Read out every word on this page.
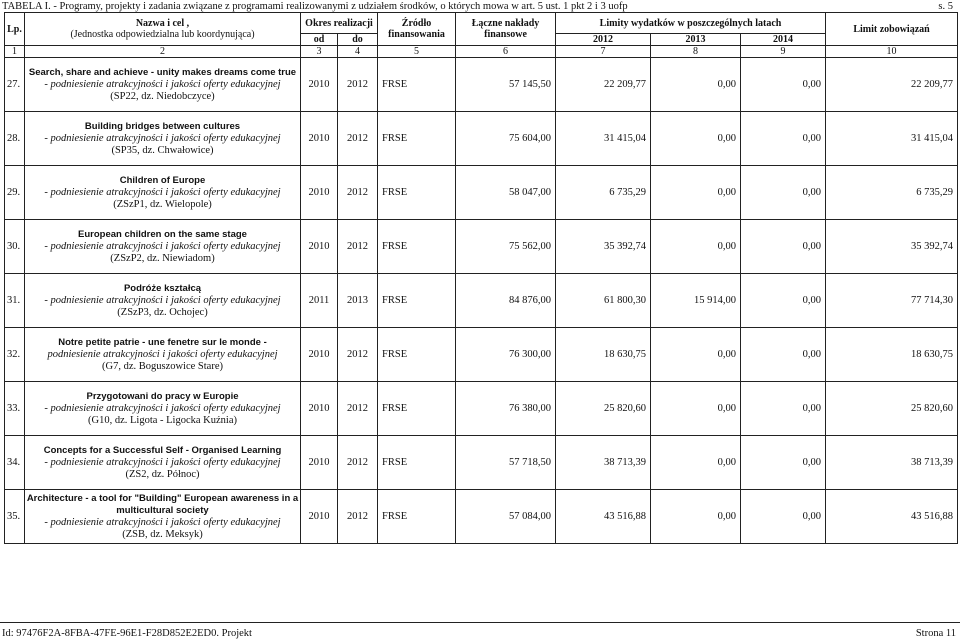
TABELA I. - Programy, projekty i zadania związane z programami realizowanymi z udziałem środków, o których mowa w art. 5 ust. 1 pkt 2 i 3 uofp	s. 5
Lp.	Nazwa i cel ,
(Jednostka odpowiedzialna lub koordynująca)	Okres realizacji		Źródło finansowania	Łączne nakłady finansowe	Limity wydatków w poszczególnych latach			Limit zobowiązań
		od	do			2012	2013	2014	
1	2	3	4	5	6	7	8	9	10
27.	Search, share and achieve - unity makes dreams come true
- podniesienie atrakcyjności i jakości oferty edukacyjnej
(SP22, dz. Niedobczyce)	2010	2012	FRSE	57 145,50	22 209,77	0,00	0,00	22 209,77
28.	Building bridges between cultures
- podniesienie atrakcyjności i jakości oferty edukacyjnej
(SP35, dz. Chwałowice)	2010	2012	FRSE	75 604,00	31 415,04	0,00	0,00	31 415,04
29.	Children of Europe
- podniesienie atrakcyjności i jakości oferty edukacyjnej
(ZSzP1, dz. Wielopole)	2010	2012	FRSE	58 047,00	6 735,29	0,00	0,00	6 735,29
30.	European children on the same stage
- podniesienie atrakcyjności i jakości oferty edukacyjnej
(ZSzP2, dz. Niewiadom)	2010	2012	FRSE	75 562,00	35 392,74	0,00	0,00	35 392,74
31.	Podróże kształcą
- podniesienie atrakcyjności i jakości oferty edukacyjnej
(ZSzP3, dz. Ochojec)	2011	2013	FRSE	84 876,00	61 800,30	15 914,00	0,00	77 714,30
32.	Notre petite patrie - une fenetre sur le monde -
podniesienie atrakcyjności i jakości oferty edukacyjnej
(G7, dz. Boguszowice Stare)	2010	2012	FRSE	76 300,00	18 630,75	0,00	0,00	18 630,75
33.	Przygotowani do pracy w Europie
- podniesienie atrakcyjności i jakości oferty edukacyjnej
(G10, dz. Ligota - Ligocka Kuźnia)	2010	2012	FRSE	76 380,00	25 820,60	0,00	0,00	25 820,60
34.	Concepts for a Successful Self - Organised Learning
- podniesienie atrakcyjności i jakości oferty edukacyjnej
(ZS2, dz. Północ)	2010	2012	FRSE	57 718,50	38 713,39	0,00	0,00	38 713,39
35.	Architecture - a tool for "Building" European awareness in a multicultural society
- podniesienie atrakcyjności i jakości oferty edukacyjnej
(ZSB, dz. Meksyk)	2010	2012	FRSE	57 084,00	43 516,88	0,00	0,00	43 516,88
Id: 97476F2A-8FBA-47FE-96E1-F28D852E2ED0. Projekt	Strona 11
